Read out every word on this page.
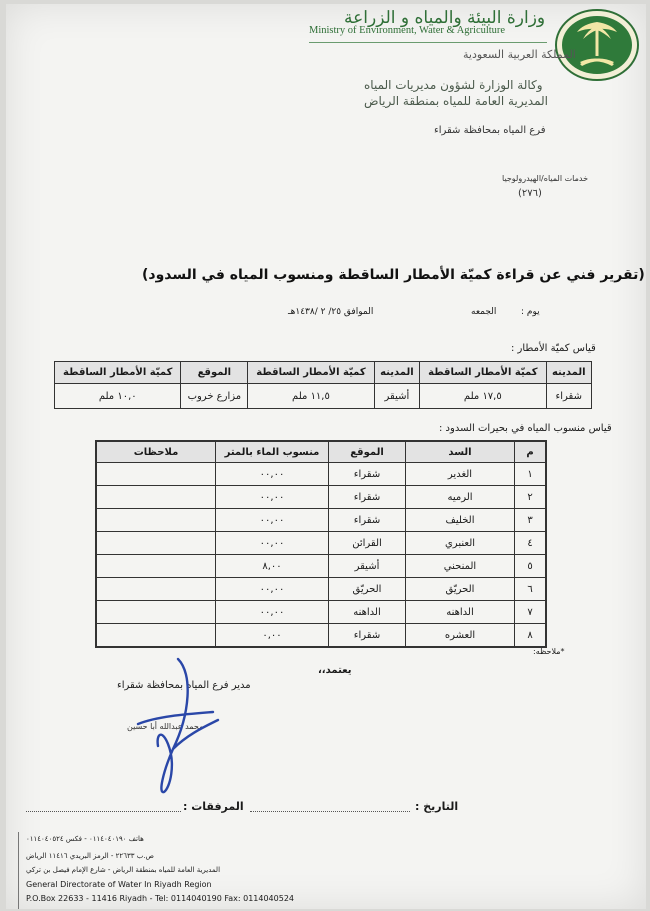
وزارة البيئة والمياه و الزراعة
Ministry of Environment, Water & Agriculture
المملكة العربية السعودية
وكالة الوزارة لشؤون مديريات المياه
المديرية العامة للمياه بمنطقة الرياض
فرع المياه بمحافظة شقراء
خدمات المياه/الهيدرولوجيا
(٢٧٦)
(تقرير فني عن قراءة كميّة الأمطار الساقطة ومنسوب المياه في السدود)
يوم :
الجمعه
الموافق ٢٥/ ٢ /١٤٣٨هـ
قياس كميّة الأمطار :
المدينه	كميّة الأمطار الساقطة	المدينه	كميّة الأمطار الساقطة	الموقع	كميّة الأمطار الساقطة
شقراء	١٧,٥ ملم	أشيقر	١١,٥ ملم	مزارع خروب	١٠,٠ ملم
قياس منسوب المياه في بحيرات السدود :
م	السد	الموقع	منسوب الماء بالمتر	ملاحظات
١	الغدير	شقراء	٠٠,٠٠	
٢	الرميه	شقراء	٠٠,٠٠	
٣	الخليف	شقراء	٠٠,٠٠	
٤	العنبري	القرائن	٠٠,٠٠	
٥	المنحني	أشيقر	٨,٠٠	
٦	الحريّق	الحريّق	٠٠,٠٠	
٧	الداهنه	الداهنه	٠٠,٠٠	
٨	العشره	شقراء	٠,٠٠	
*ملاحظه:
يعتمد،،
مدير فرع المياه بمحافظة شقراء
محمد عبدالله أبا حسين
التاريخ :
المرفقات :
هاتف ٠١١٤٠٤٠١٩٠ - فكس ٠١١٤٠٤٠٥٢٤
ص.ب ٢٢٦٣٣ - الرمز البريدي ١١٤١٦ الرياض
المديرية العامة للمياه بمنطقة الرياض - شارع الإمام فيصل بن تركي
General Directorate of Water In Riyadh Region
P.O.Box 22633 - 11416 Riyadh - Tel: 0114040190 Fax: 0114040524
